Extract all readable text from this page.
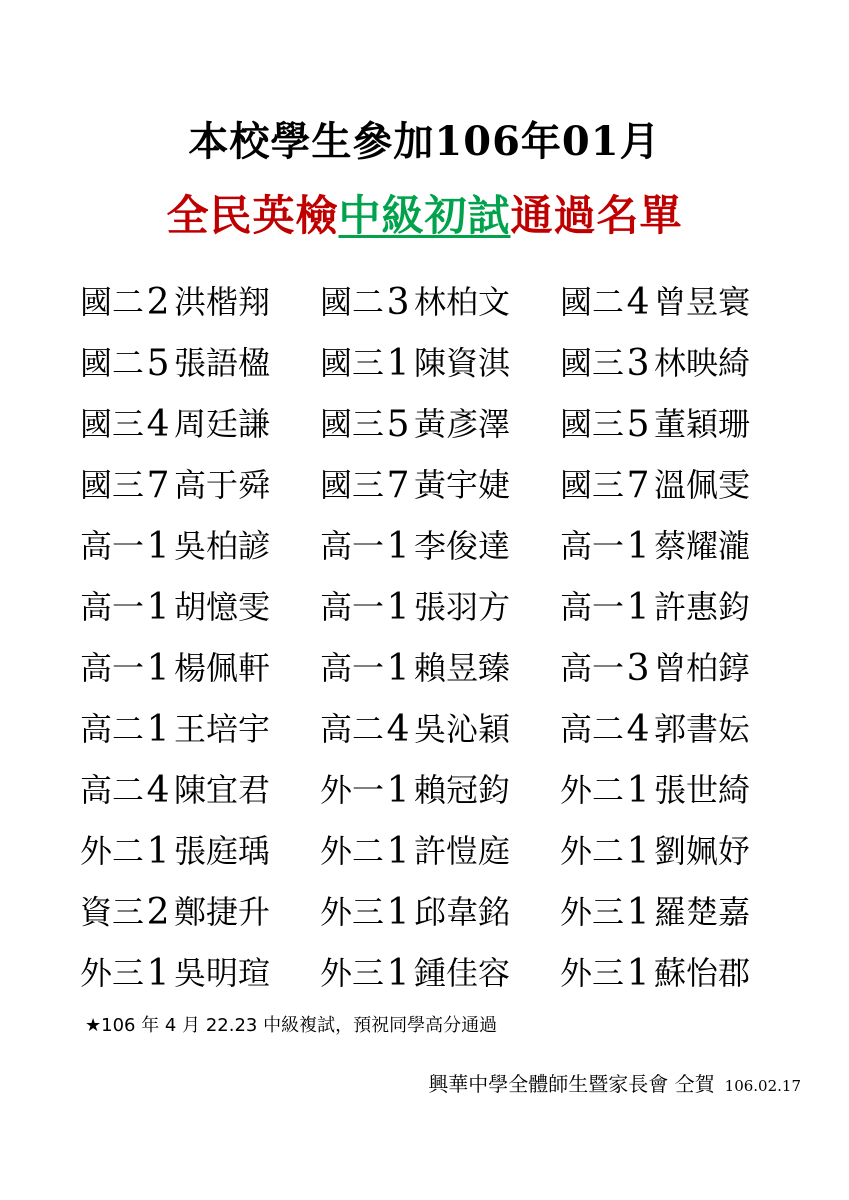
本校學生參加106年01月
全民英檢中級初試通過名單
國二 2 洪楷翔 國二 3 林柏文 國二 4 曾昱寰
國二 5 張語楹 國三 1 陳資淇 國三 3 林映綺
國三 4 周廷謙 國三 5 黃彥澤 國三 5 董穎珊
國三 7 高于舜 國三 7 黃宇婕 國三 7 溫佩雯
高一 1 吳柏諺 高一 1 李俊達 高一 1 蔡耀瀧
高一 1 胡憶雯 高一 1 張羽方 高一 1 許惠鈞
高一 1 楊佩軒 高一 1 賴昱臻 高一 3 曾柏錞
高二 1 王培宇 高二 4 吳沁穎 高二 4 郭書妘
高二 4 陳宜君 外一 1 賴冠鈞 外二 1 張世綺
外二 1 張庭瑀 外二 1 許愷庭 外二 1 劉姵妤
資三 2 鄭捷升 外三 1 邱韋銘 外三 1 羅楚嘉
外三 1 吳明瑄 外三 1 鍾佳容 外三 1 蘇怡郡
★106 年 4 月 22.23 中級複試，預祝同學高分通過
興華中學全體師生暨家長會 仝賀 106.02.17
